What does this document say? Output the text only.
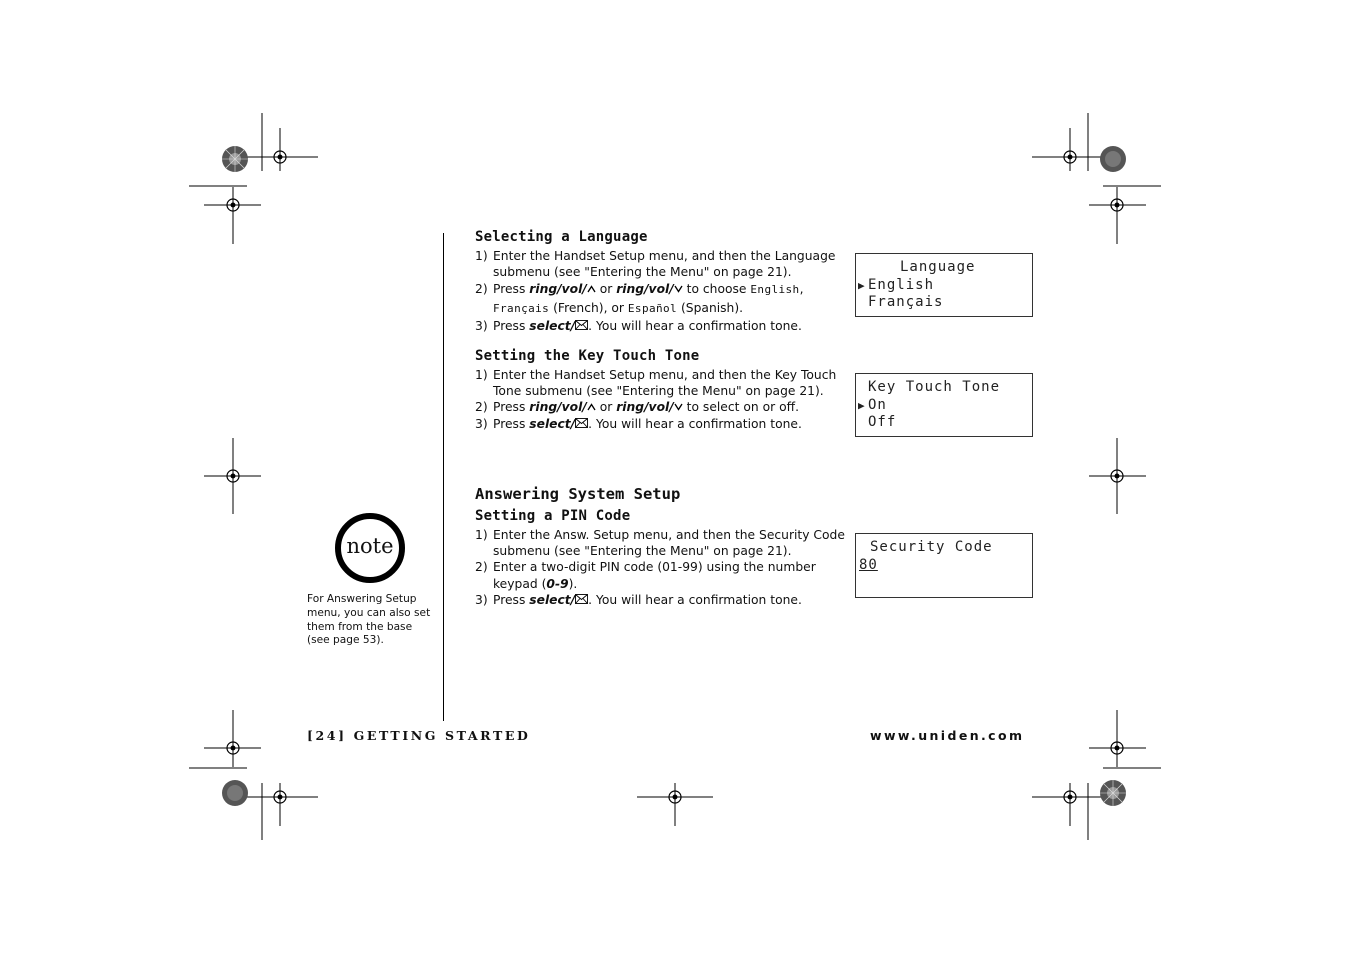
Selecting a Language
1) Enter the Handset Setup menu, and then the Language
submenu (see "Entering the Menu" on page 21).
2) Press ring/vol/ or ring/vol/ to choose English,
Français (French), or Español (Spanish).
3) Press select/ . You will hear a confirmation tone.
Language
▶ English
Français
Setting the Key Touch Tone
1) Enter the Handset Setup menu, and then the Key Touch
Tone submenu (see "Entering the Menu" on page 21).
2) Press ring/vol/ or ring/vol/ to select on or off.
3) Press select/ . You will hear a confirmation tone.
Key Touch Tone
▶ On
Off
Answering System Setup
Setting a PIN Code
1) Enter the Answ. Setup menu, and then the Security Code
submenu (see "Entering the Menu" on page 21).
2) Enter a two-digit PIN code (01-99) using the number
keypad (0-9).
3) Press select/ . You will hear a confirmation tone.
Security Code
80
note
For Answering Setup menu, you can also set them from the base (see page 53).
[24] GETTING STARTED	www.uniden.com
